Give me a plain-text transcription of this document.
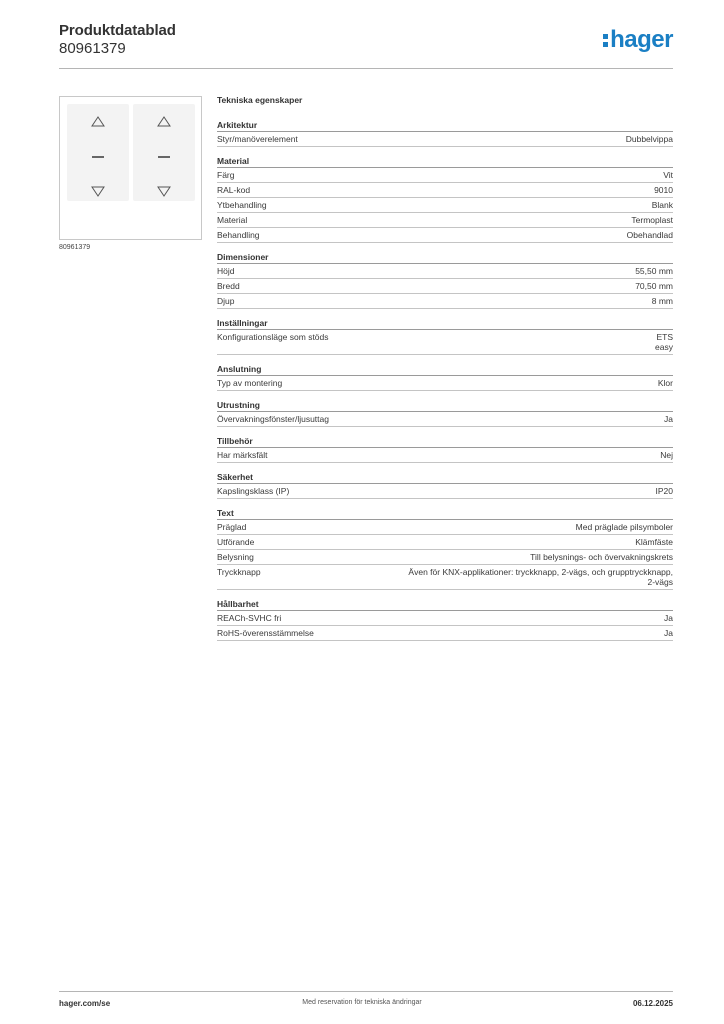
Produktdatablad
80961379	hager
80961379
Tekniska egenskaper
Arkitektur
Styr/manöverelement	Dubbelvippa
Material
Färg	Vit
RAL-kod	9010
Ytbehandling	Blank
Material	Termoplast
Behandling	Obehandlad
Dimensioner
Höjd	55,50 mm
Bredd	70,50 mm
Djup	8 mm
Inställningar
Konfigurationsläge som stöds	ETS
easy
Anslutning
Typ av montering	Klor
Utrustning
Övervakningsfönster/ljusuttag	Ja
Tillbehör
Har märksfält	Nej
Säkerhet
Kapslingsklass (IP)	IP20
Text
Präglad	Med präglade pilsymboler
Utförande	Klämfäste
Belysning	Till belysnings- och övervakningskrets
Tryckknapp	Även för KNX-applikationer: tryckknapp, 2-vägs, och grupptryckknapp,
2-vägs
Hållbarhet
REACh-SVHC fri	Ja
RoHS-överensstämmelse	Ja
hager.com/se	Med reservation för tekniska ändringar	06.12.2025
